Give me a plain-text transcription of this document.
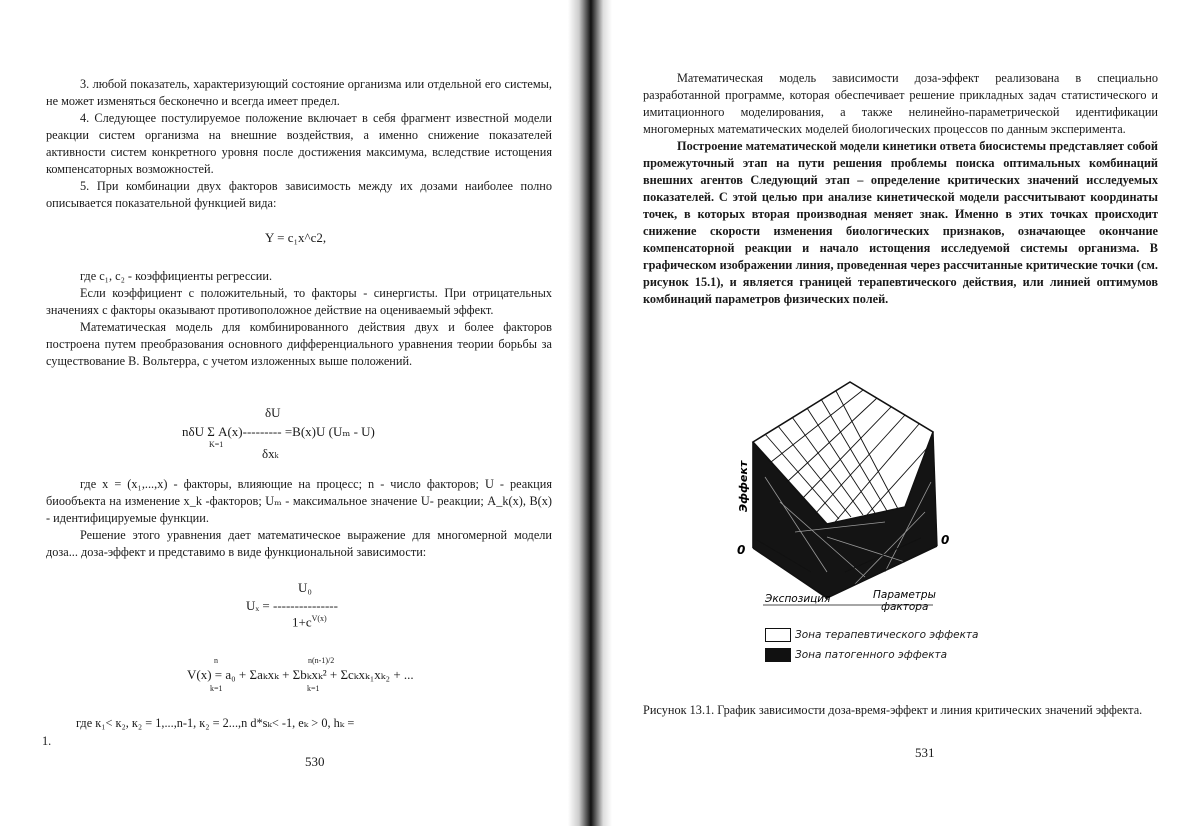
3. любой показатель, характеризующий состояние организма или отдельной его системы, не может изменяться бесконечно и всегда имеет предел.

4. Следующее постулируемое положение включает в себя фрагмент известной модели реакции систем организма на внешние воздействия, а именно снижение показателей активности систем конкретного уровня после достижения максимума, вследствие истощения компенсаторных возможностей.

5. При комбинации двух факторов зависимость между их дозами наиболее полно описывается показательной функцией вида:

Y = c₁x^c2,

где c₁, c₂ - коэффициенты регрессии.

Если коэффициент с положительный, то факторы - синергисты. При отрицательных значениях с факторы оказывают противоположное действие на оцениваемый эффект.

Математическая модель для комбинированного действия двух и более факторов построена путем преобразования основного дифференциального уравнения теории борьбы за существование В. Вольтерра, с учетом изложенных выше положений.

δU
nδU Σ A(x)--------- =B(x)U (Uₘ - U)
K=1
δxk

где x = (x₁,...,x) - факторы, влияющие на процесс; n - число факторов; U - реакция биообъекта на изменение x_k -факторов; Uₘ - максимальное значение U- реакции; A_k(x), B(x) - идентифицируемые функции.

Решение этого уравнения дает математическое выражение для многомерной модели доза... доза-эффект и представимо в виде функциональной зависимости:

U₀
Uₓ = ---------------
$1+c^{V(x)}$
n	n(n-1)/2
V(x) = a₀ + Σaₖxₖ + Σbₖxₖ² + Σcₖxₖ₁xₖ₂ + ...
k=1	k=1
где к₁< к₂, к₂ = 1,...,n-1, к₂ = 2...,n d*sₖ< -1, eₖ > 0, hₖ =
1.
530

Математическая модель зависимости доза-эффект реализована в специально разработанной программе, которая обеспечивает решение прикладных задач статистического и имитационного моделирования, а также нелинейно-параметрической идентификации многомерных математических моделей биологических процессов по данным эксперимента.

Построение математической модели кинетики ответа биосистемы представляет собой промежуточный этап на пути решения проблемы поиска оптимальных комбинаций внешних агентов Следующий этап – определение критических значений исследуемых показателей. С этой целью при анализе кинетической модели рассчитывают координаты точек, в которых вторая производная меняет знак. Именно в этих точках происходит снижение скорости изменения биологических признаков, означающее окончание компенсаторной реакции и начало истощения исследуемой системы организма. В графическом изображении линия, проведенная через рассчитанные критические точки (см. рисунок 15.1), и является границей терапевтического действия, или линией оптимумов комбинаций параметров физических полей.

Эффект
0
0
Экспозиция	Параметры
фактора
Зона терапевтического эффекта
Зона патогенного эффекта
Рисунок 13.1. График зависимости доза-время-эффект и линия критических значений эффекта.
531
